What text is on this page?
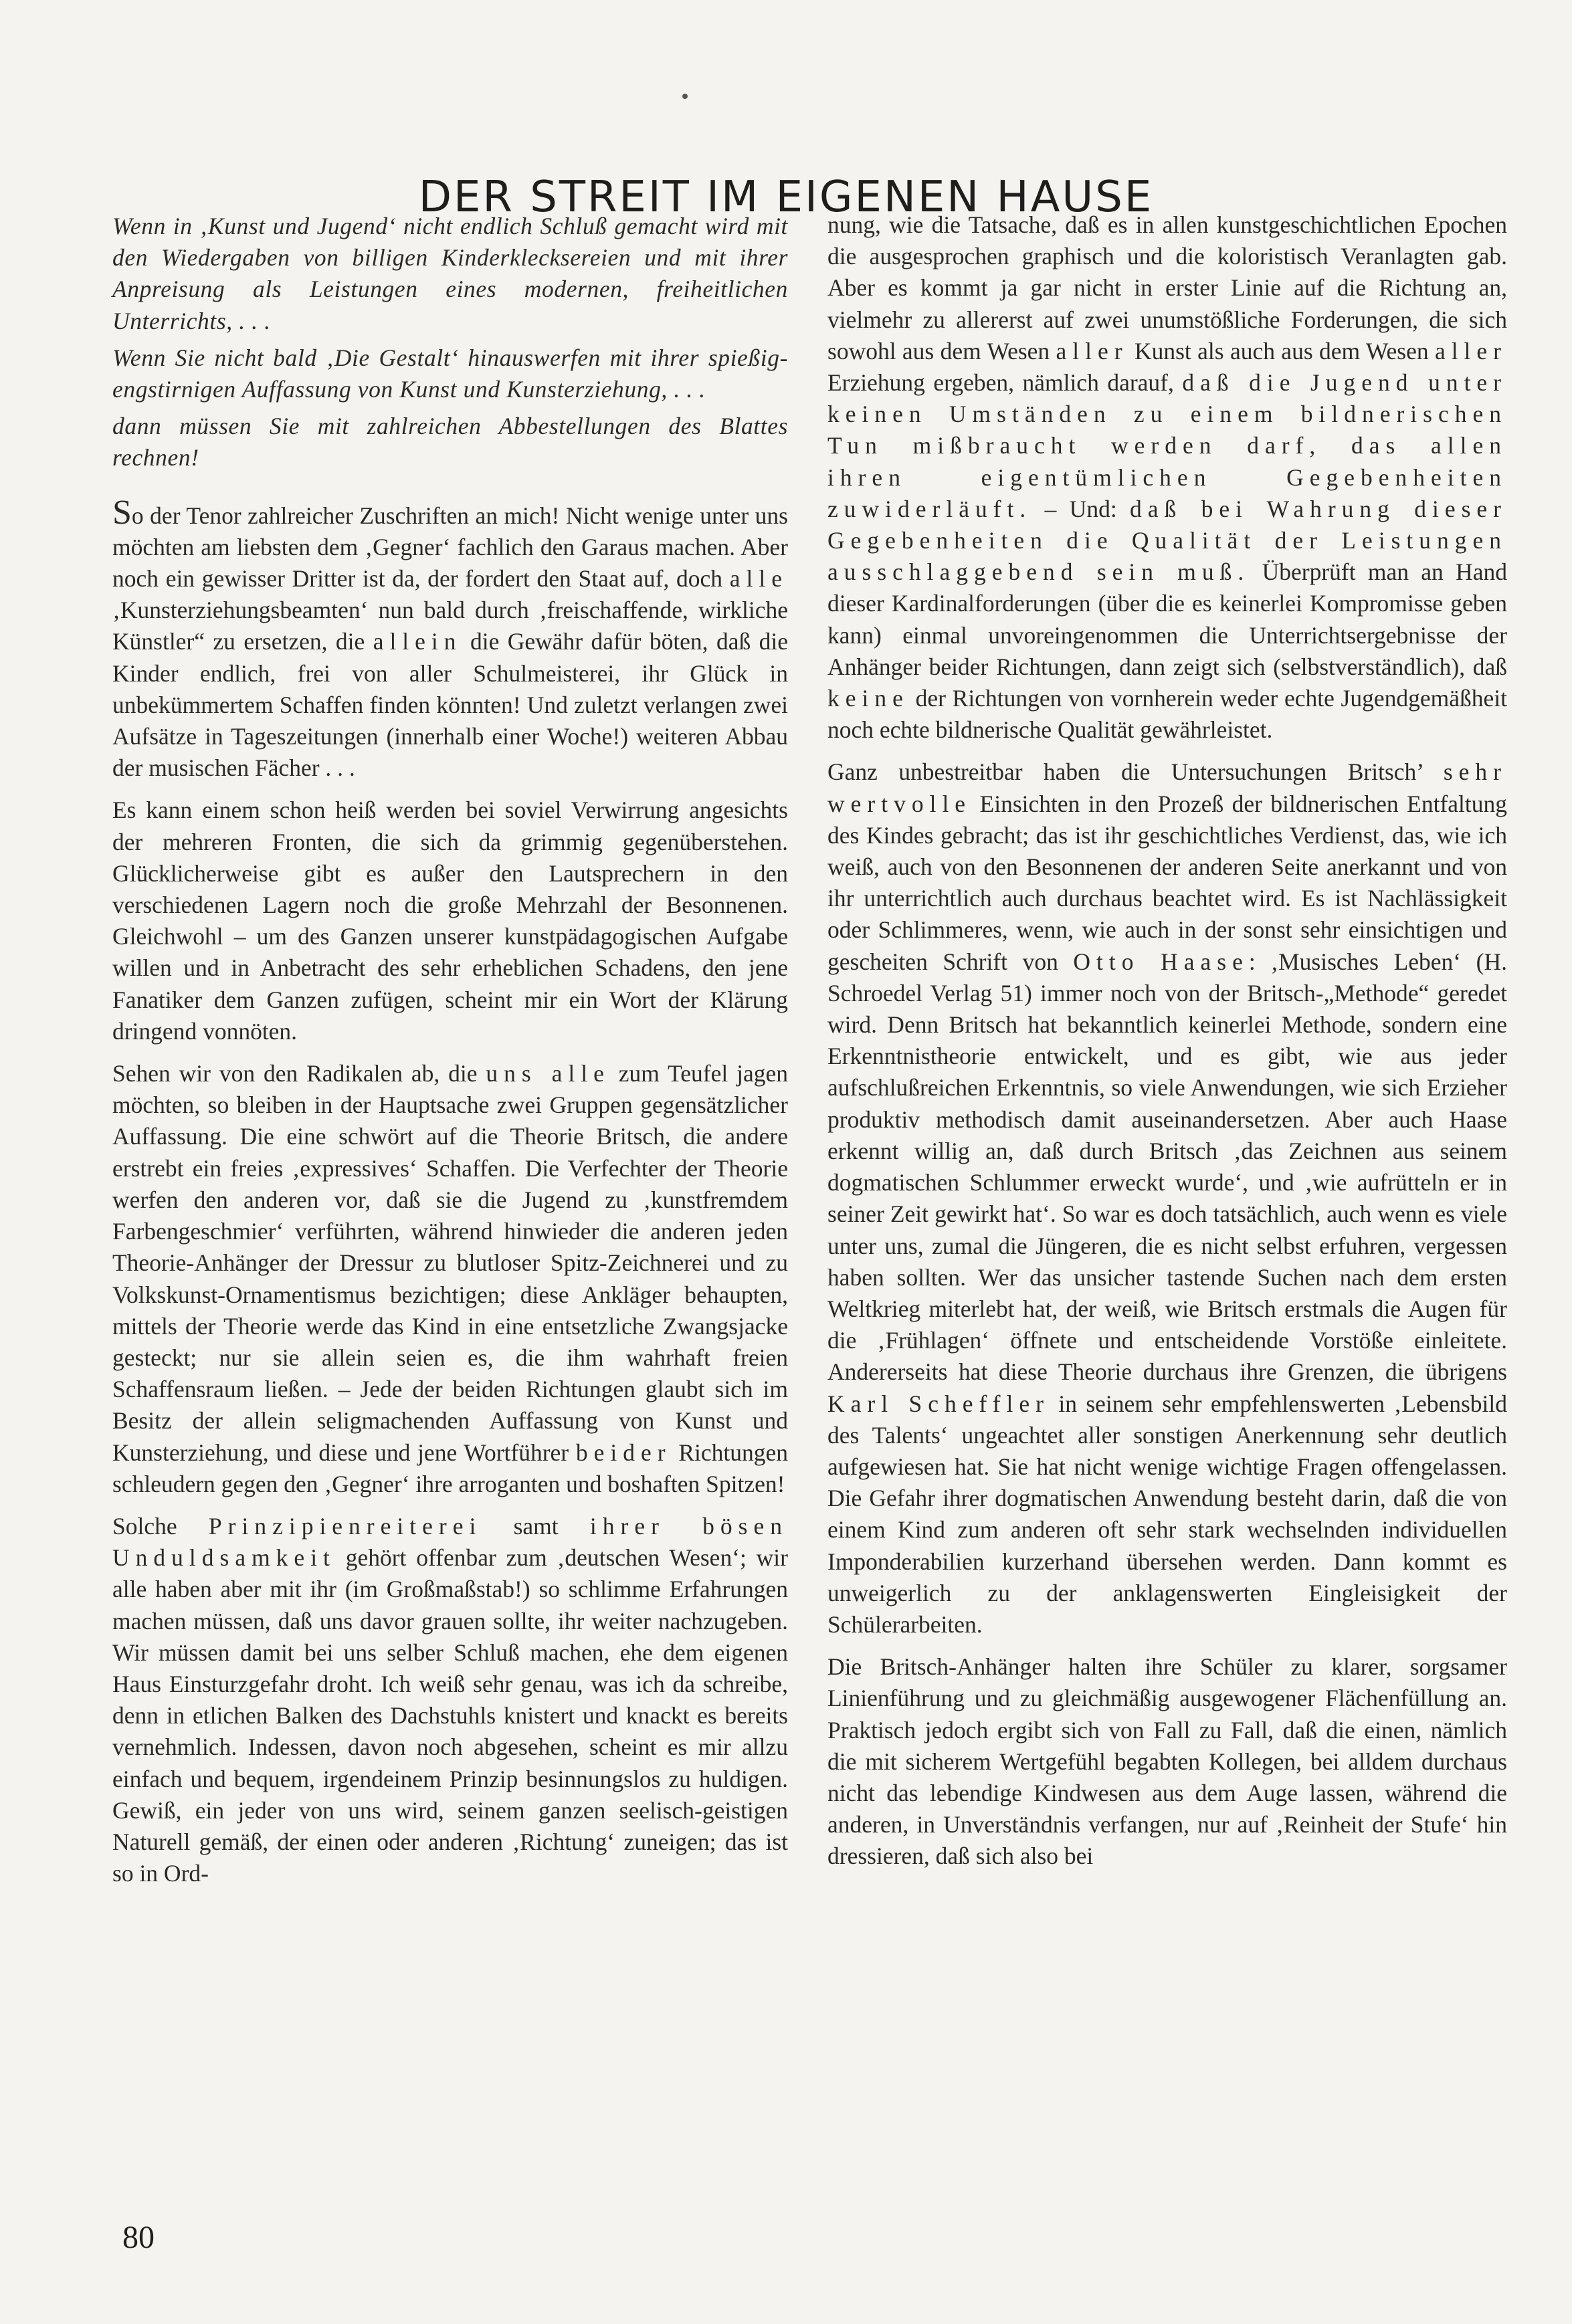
DER STREIT IM EIGENEN HAUSE

Wenn in ‚Kunst und Jugend‘ nicht endlich Schluß gemacht wird mit den Wiedergaben von billigen Kinderklecksereien und mit ihrer Anpreisung als Leistungen eines modernen, freiheitlichen Unterrichts, . . .

Wenn Sie nicht bald ‚Die Gestalt‘ hinauswerfen mit ihrer spießig-engstirnigen Auffassung von Kunst und Kunsterziehung, . . .

dann müssen Sie mit zahlreichen Abbestellungen des Blattes rechnen!

So der Tenor zahlreicher Zuschriften an mich! Nicht wenige unter uns möchten am liebsten dem ‚Gegner‘ fachlich den Garaus machen. Aber noch ein gewisser Dritter ist da, der fordert den Staat auf, doch alle ‚Kunsterziehungsbeamten‘ nun bald durch ‚freischaffende, wirkliche Künstler“ zu ersetzen, die allein die Gewähr dafür böten, daß die Kinder endlich, frei von aller Schulmeisterei, ihr Glück in unbekümmertem Schaffen finden könnten! Und zuletzt verlangen zwei Aufsätze in Tageszeitungen (innerhalb einer Woche!) weiteren Abbau der musischen Fächer . . .

Es kann einem schon heiß werden bei soviel Verwirrung angesichts der mehreren Fronten, die sich da grimmig gegenüberstehen. Glücklicherweise gibt es außer den Lautsprechern in den verschiedenen Lagern noch die große Mehrzahl der Besonnenen. Gleichwohl – um des Ganzen unserer kunstpädagogischen Aufgabe willen und in Anbetracht des sehr erheblichen Schadens, den jene Fanatiker dem Ganzen zufügen, scheint mir ein Wort der Klärung dringend vonnöten.

Sehen wir von den Radikalen ab, die uns alle zum Teufel jagen möchten, so bleiben in der Hauptsache zwei Gruppen gegensätzlicher Auffassung. Die eine schwört auf die Theorie Britsch, die andere erstrebt ein freies ‚expressives‘ Schaffen. Die Verfechter der Theorie werfen den anderen vor, daß sie die Jugend zu ‚kunstfremdem Farbengeschmier‘ verführten, während hinwieder die anderen jeden Theorie-Anhänger der Dressur zu blutloser Spitz-Zeichnerei und zu Volkskunst-Ornamentismus bezichtigen; diese Ankläger behaupten, mittels der Theorie werde das Kind in eine entsetzliche Zwangsjacke gesteckt; nur sie allein seien es, die ihm wahrhaft freien Schaffensraum ließen. – Jede der beiden Richtungen glaubt sich im Besitz der allein seligmachenden Auffassung von Kunst und Kunsterziehung, und diese und jene Wortführer beider Richtungen schleudern gegen den ‚Gegner‘ ihre arroganten und boshaften Spitzen!

Solche Prinzipienreiterei samt ihrer bösen Unduldsamkeit gehört offenbar zum ‚deutschen Wesen‘; wir alle haben aber mit ihr (im Großmaßstab!) so schlimme Erfahrungen machen müssen, daß uns davor grauen sollte, ihr weiter nachzugeben. Wir müssen damit bei uns selber Schluß machen, ehe dem eigenen Haus Einsturzgefahr droht. Ich weiß sehr genau, was ich da schreibe, denn in etlichen Balken des Dachstuhls knistert und knackt es bereits vernehmlich. Indessen, davon noch abgesehen, scheint es mir allzu einfach und bequem, irgendeinem Prinzip besinnungslos zu huldigen. Gewiß, ein jeder von uns wird, seinem ganzen seelisch-geistigen Naturell gemäß, der einen oder anderen ‚Richtung‘ zuneigen; das ist so in Ord-

nung, wie die Tatsache, daß es in allen kunstgeschichtlichen Epochen die ausgesprochen graphisch und die koloristisch Veranlagten gab. Aber es kommt ja gar nicht in erster Linie auf die Richtung an, vielmehr zu allererst auf zwei unumstößliche Forderungen, die sich sowohl aus dem Wesen aller Kunst als auch aus dem Wesen aller Erziehung ergeben, nämlich darauf, daß die Jugend unter keinen Umständen zu einem bildnerischen Tun mißbraucht werden darf, das allen ihren eigentümlichen Gegebenheiten zuwiderläuft. – Und: daß bei Wahrung dieser Gegebenheiten die Qualität der Leistungen ausschlaggebend sein muß. Überprüft man an Hand dieser Kardinalforderungen (über die es keinerlei Kompromisse geben kann) einmal unvoreingenommen die Unterrichtsergebnisse der Anhänger beider Richtungen, dann zeigt sich (selbstverständlich), daß keine der Richtungen von vornherein weder echte Jugendgemäßheit noch echte bildnerische Qualität gewährleistet.

Ganz unbestreitbar haben die Untersuchungen Britsch’ sehr wertvolle Einsichten in den Prozeß der bildnerischen Entfaltung des Kindes gebracht; das ist ihr geschichtliches Verdienst, das, wie ich weiß, auch von den Besonnenen der anderen Seite anerkannt und von ihr unterrichtlich auch durchaus beachtet wird. Es ist Nachlässigkeit oder Schlimmeres, wenn, wie auch in der sonst sehr einsichtigen und gescheiten Schrift von Otto Haase: ‚Musisches Leben‘ (H. Schroedel Verlag 51) immer noch von der Britsch-„Methode“ geredet wird. Denn Britsch hat bekanntlich keinerlei Methode, sondern eine Erkenntnistheorie entwickelt, und es gibt, wie aus jeder aufschlußreichen Erkenntnis, so viele Anwendungen, wie sich Erzieher produktiv methodisch damit auseinandersetzen. Aber auch Haase erkennt willig an, daß durch Britsch ‚das Zeichnen aus seinem dogmatischen Schlummer erweckt wurde‘, und ‚wie aufrütteln er in seiner Zeit gewirkt hat‘. So war es doch tatsächlich, auch wenn es viele unter uns, zumal die Jüngeren, die es nicht selbst erfuhren, vergessen haben sollten. Wer das unsicher tastende Suchen nach dem ersten Weltkrieg miterlebt hat, der weiß, wie Britsch erstmals die Augen für die ‚Frühlagen‘ öffnete und entscheidende Vorstöße einleitete. Andererseits hat diese Theorie durchaus ihre Grenzen, die übrigens Karl Scheffler in seinem sehr empfehlenswerten ‚Lebensbild des Talents‘ ungeachtet aller sonstigen Anerkennung sehr deutlich aufgewiesen hat. Sie hat nicht wenige wichtige Fragen offengelassen. Die Gefahr ihrer dogmatischen Anwendung besteht darin, daß die von einem Kind zum anderen oft sehr stark wechselnden individuellen Imponderabilien kurzerhand übersehen werden. Dann kommt es unweigerlich zu der anklagenswerten Eingleisigkeit der Schülerarbeiten.

Die Britsch-Anhänger halten ihre Schüler zu klarer, sorgsamer Linienführung und zu gleichmäßig ausgewogener Flächenfüllung an. Praktisch jedoch ergibt sich von Fall zu Fall, daß die einen, nämlich die mit sicherem Wertgefühl begabten Kollegen, bei alldem durchaus nicht das lebendige Kindwesen aus dem Auge lassen, während die anderen, in Unverständnis verfangen, nur auf ‚Reinheit der Stufe‘ hin dressieren, daß sich also bei

80
